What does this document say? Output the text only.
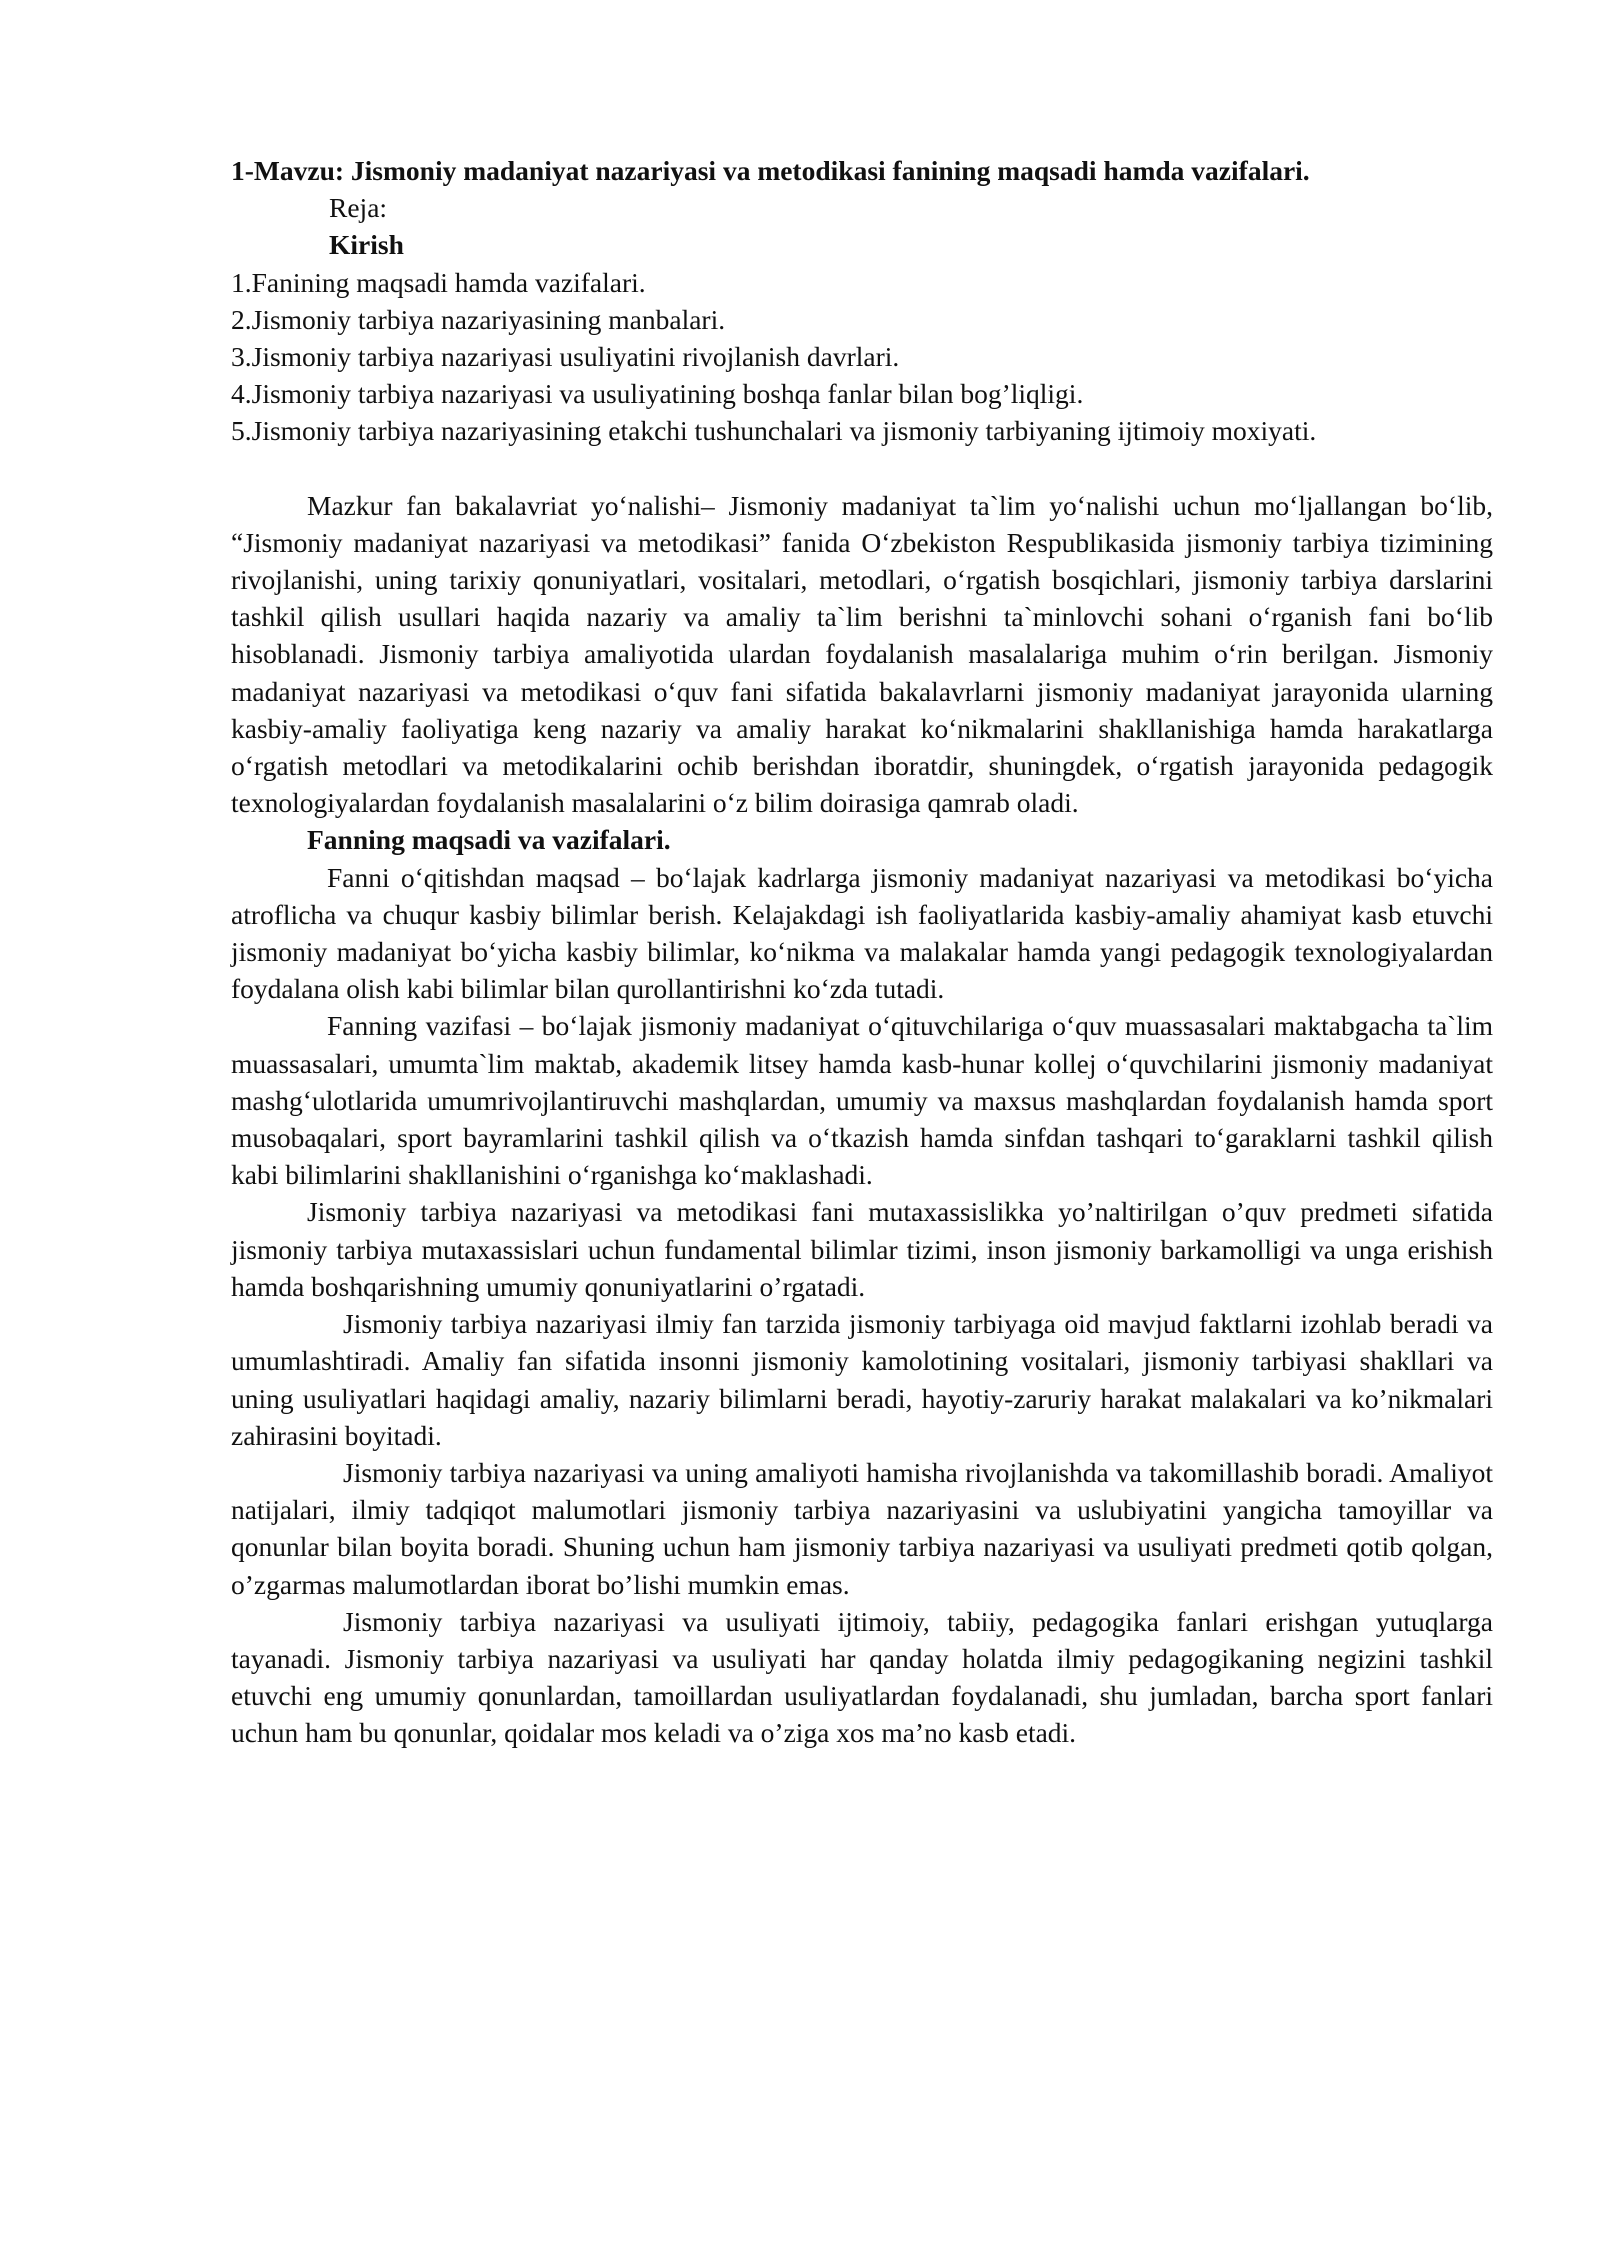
1-Mavzu: Jismoniy madaniyat nazariyasi va metodikasi fanining maqsadi hamda vazifalari.
Reja:
Kirish
1.Fanining maqsadi hamda vazifalari.
2.Jismoniy tarbiya nazariyasining manbalari.
3.Jismoniy tarbiya nazariyasi usuliyatini rivojlanish davrlari.
4.Jismoniy tarbiya nazariyasi va usuliyatining boshqa fanlar bilan bog’liqligi.
5.Jismoniy tarbiya nazariyasining etakchi tushunchalari va jismoniy tarbiyaning ijtimoiy moxiyati.

Mazkur fan bakalavriat yo‘nalishi– Jismoniy madaniyat ta`lim yo‘nalishi uchun mo‘ljallangan bo‘lib, “Jismoniy madaniyat nazariyasi va metodikasi” fanida O‘zbekiston Respublikasida jismoniy tarbiya tizimining rivojlanishi, uning tarixiy qonuniyatlari, vositalari, metodlari, o‘rgatish bosqichlari, jismoniy tarbiya darslarini tashkil qilish usullari haqida nazariy va amaliy ta`lim berishni ta`minlovchi sohani o‘rganish fani bo‘lib hisoblanadi. Jismoniy tarbiya amaliyotida ulardan foydalanish masalalariga muhim o‘rin berilgan. Jismoniy madaniyat nazariyasi va metodikasi o‘quv fani sifatida bakalavrlarni jismoniy madaniyat jarayonida ularning kasbiy-amaliy faoliyatiga keng nazariy va amaliy harakat ko‘nikmalarini shakllanishiga hamda harakatlarga o‘rgatish metodlari va metodikalarini ochib berishdan iboratdir, shuningdek, o‘rgatish jarayonida pedagogik texnologiyalardan foydalanish masalalarini o‘z bilim doirasiga qamrab oladi.

Fanning maqsadi va vazifalari.

Fanni o‘qitishdan maqsad – bo‘lajak kadrlarga jismoniy madaniyat nazariyasi va metodikasi bo‘yicha atroflicha va chuqur kasbiy bilimlar berish. Kelajakdagi ish faoliyatlarida kasbiy-amaliy ahamiyat kasb etuvchi jismoniy madaniyat bo‘yicha kasbiy bilimlar, ko‘nikma va malakalar hamda yangi pedagogik texnologiyalardan foydalana olish kabi bilimlar bilan qurollantirishni ko‘zda tutadi.

Fanning vazifasi – bo‘lajak jismoniy madaniyat o‘qituvchilariga o‘quv muassasalari maktabgacha ta`lim muassasalari, umumta`lim maktab, akademik litsey hamda kasb-hunar kollej o‘quvchilarini jismoniy madaniyat mashg‘ulotlarida umumrivojlantiruvchi mashqlardan, umumiy va maxsus mashqlardan foydalanish hamda sport musobaqalari, sport bayramlarini tashkil qilish va o‘tkazish hamda sinfdan tashqari to‘garaklarni tashkil qilish kabi bilimlarini shakllanishini o‘rganishga ko‘maklashadi.

Jismoniy tarbiya nazariyasi va metodikasi fani mutaxassislikka yo’naltirilgan o’quv predmeti sifatida jismoniy tarbiya mutaxassislari uchun fundamental bilimlar tizimi, inson jismoniy barkamolligi va unga erishish hamda boshqarishning umumiy qonuniyatlarini o’rgatadi.

Jismoniy tarbiya nazariyasi ilmiy fan tarzida jismoniy tarbiyaga oid mavjud faktlarni izohlab beradi va umumlashtiradi. Amaliy fan sifatida insonni jismoniy kamolotining vositalari, jismoniy tarbiyasi shakllari va uning usuliyatlari haqidagi amaliy, nazariy bilimlarni beradi, hayotiy-zaruriy harakat malakalari va ko’nikmalari zahirasini boyitadi.

Jismoniy tarbiya nazariyasi va uning amaliyoti hamisha rivojlanishda va takomillashib boradi. Amaliyot natijalari, ilmiy tadqiqot malumotlari jismoniy tarbiya nazariyasini va uslubiyatini yangicha tamoyillar va qonunlar bilan boyita boradi. Shuning uchun ham jismoniy tarbiya nazariyasi va usuliyati predmeti qotib qolgan, o’zgarmas malumotlardan iborat bo’lishi mumkin emas.

Jismoniy tarbiya nazariyasi va usuliyati ijtimoiy, tabiiy, pedagogika fanlari erishgan yutuqlarga tayanadi. Jismoniy tarbiya nazariyasi va usuliyati har qanday holatda ilmiy pedagogikaning negizini tashkil etuvchi eng umumiy qonunlardan, tamoillardan usuliyatlardan foydalanadi, shu jumladan, barcha sport fanlari uchun ham bu qonunlar, qoidalar mos keladi va o’ziga xos ma’no kasb etadi.
